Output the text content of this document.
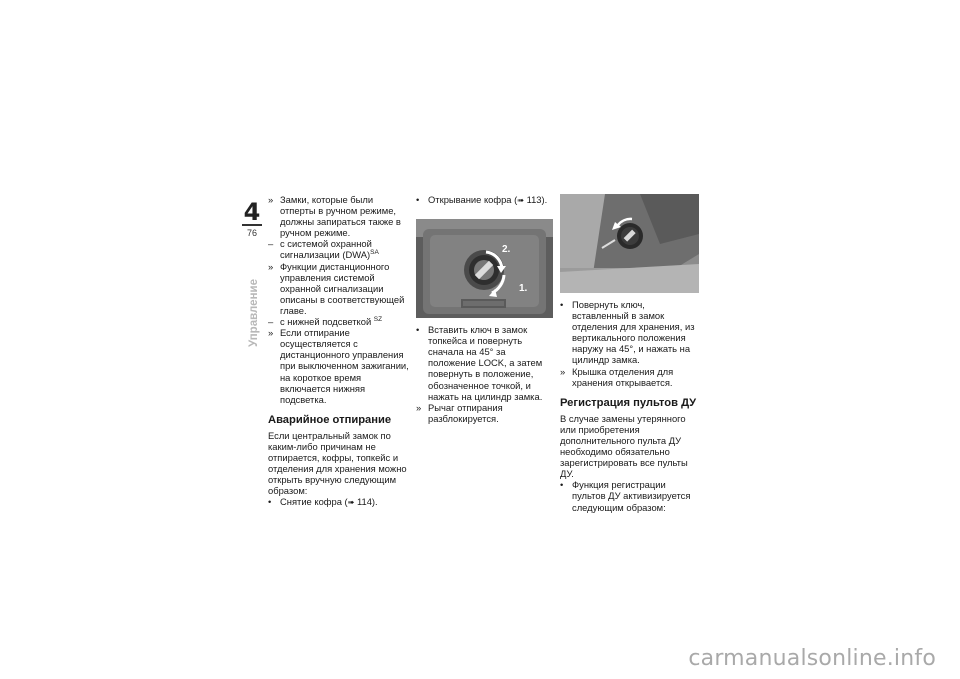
4
76
Управление

» Замки, которые были отперты в ручном режиме, должны запираться также в ручном режиме.

– с системой охранной сигнализации (DWA)$^{SA}$

» Функции дистанционного управления системой охранной сигнализации описаны в соответствующей главе.

– с нижней подсветкой $^{SZ}$

» Если отпирание осуществляется с дистанционного управления при выключенном зажигании, на короткое время включается нижняя подсветка.

Аварийное отпирание

Если центральный замок по каким-либо причинам не отпирается, кофры, топкейс и отделения для хранения можно открыть вручную следующим образом:

• Снятие кофра (➠ 114).

• Открывание кофра (➠ 113).

2.
1.

• Вставить ключ в замок топкейса и повернуть сначала на 45° за положение LOCK, а затем повернуть в положение, обозначенное точкой, и нажать на цилиндр замка.

» Рычаг отпирания разблокируется.

• Повернуть ключ, вставленный в замок отделения для хранения, из вертикального положения наружу на 45°, и нажать на цилиндр замка.

» Крышка отделения для хранения открывается.

Регистрация пультов ДУ

В случае замены утерянного или приобретения дополнительного пульта ДУ необходимо обязательно зарегистрировать все пульты ДУ.

• Функция регистрации пультов ДУ активизируется следующим образом:

carmanualsonline.info
